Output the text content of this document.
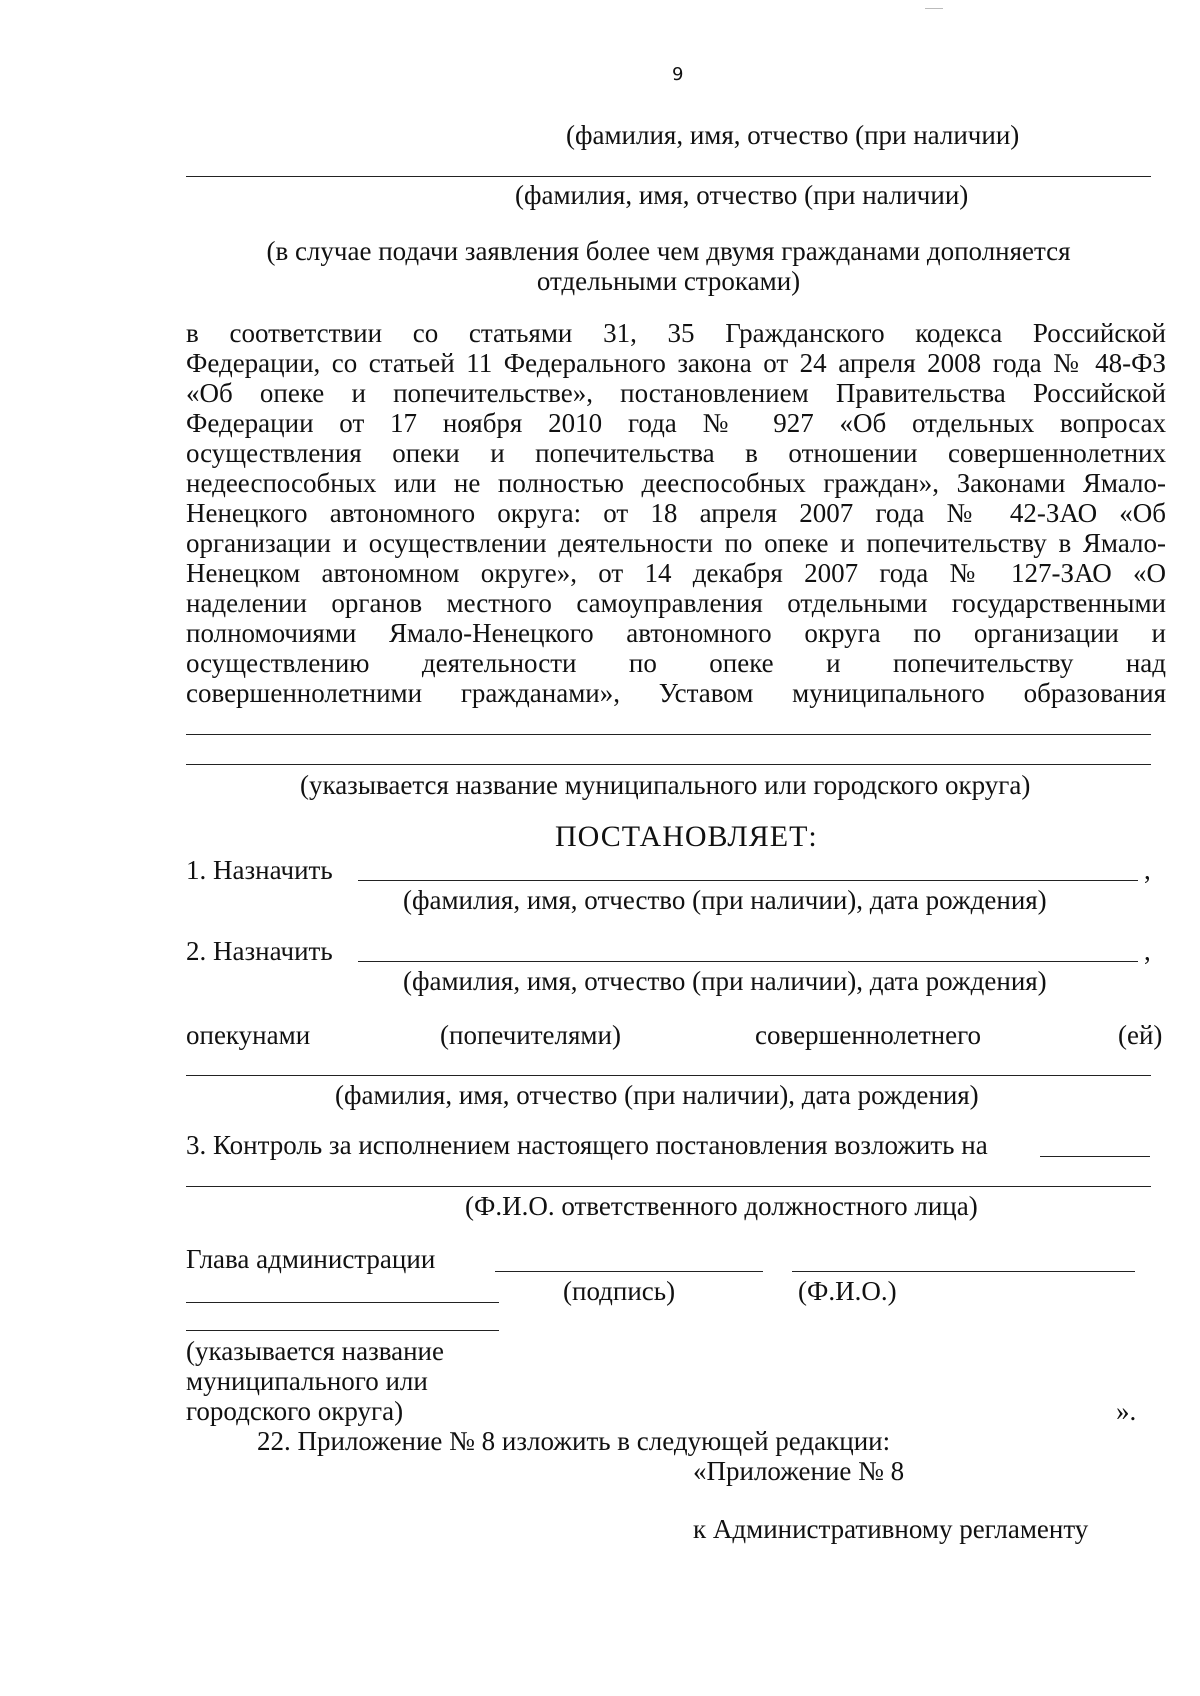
9
(фамилия, имя, отчество (при наличии)
(фамилия, имя, отчество (при наличии)
(в случае подачи заявления более чем двумя гражданами дополняется
отдельными строками)
в соответствии со статьями 31, 35 Гражданского кодекса Российской
Федерации, со статьей 11 Федерального закона от 24 апреля 2008 года № 48-ФЗ
«Об опеке и попечительстве», постановлением Правительства Российской
Федерации от 17 ноября 2010 года № 927 «Об отдельных вопросах
осуществления опеки и попечительства в отношении совершеннолетних
недееспособных или не полностью дееспособных граждан», Законами Ямало-
Ненецкого автономного округа: от 18 апреля 2007 года № 42-ЗАО «Об
организации и осуществлении деятельности по опеке и попечительству в Ямало-
Ненецком автономном округе», от 14 декабря 2007 года № 127-ЗАО «О
наделении органов местного самоуправления отдельными государственными
полномочиями Ямало-Ненецкого автономного округа по организации и
осуществлению деятельности по опеке и попечительству над
совершеннолетними гражданами», Уставом муниципального образования
(указывается название муниципального или городского округа)
ПОСТАНОВЛЯЕТ:
1. Назначить	,
(фамилия, имя, отчество (при наличии), дата рождения)
2. Назначить	,
(фамилия, имя, отчество (при наличии), дата рождения)
опекунами	(попечителями)	совершеннолетнего	(ей)
(фамилия, имя, отчество (при наличии), дата рождения)
3. Контроль за исполнением настоящего постановления возложить на
(Ф.И.О. ответственного должностного лица)
Глава администрации
(подпись)	(Ф.И.О.)
(указывается название
муниципального или
городского округа)	».
22. Приложение № 8 изложить в следующей редакции:
«Приложение № 8
к Административному регламенту
